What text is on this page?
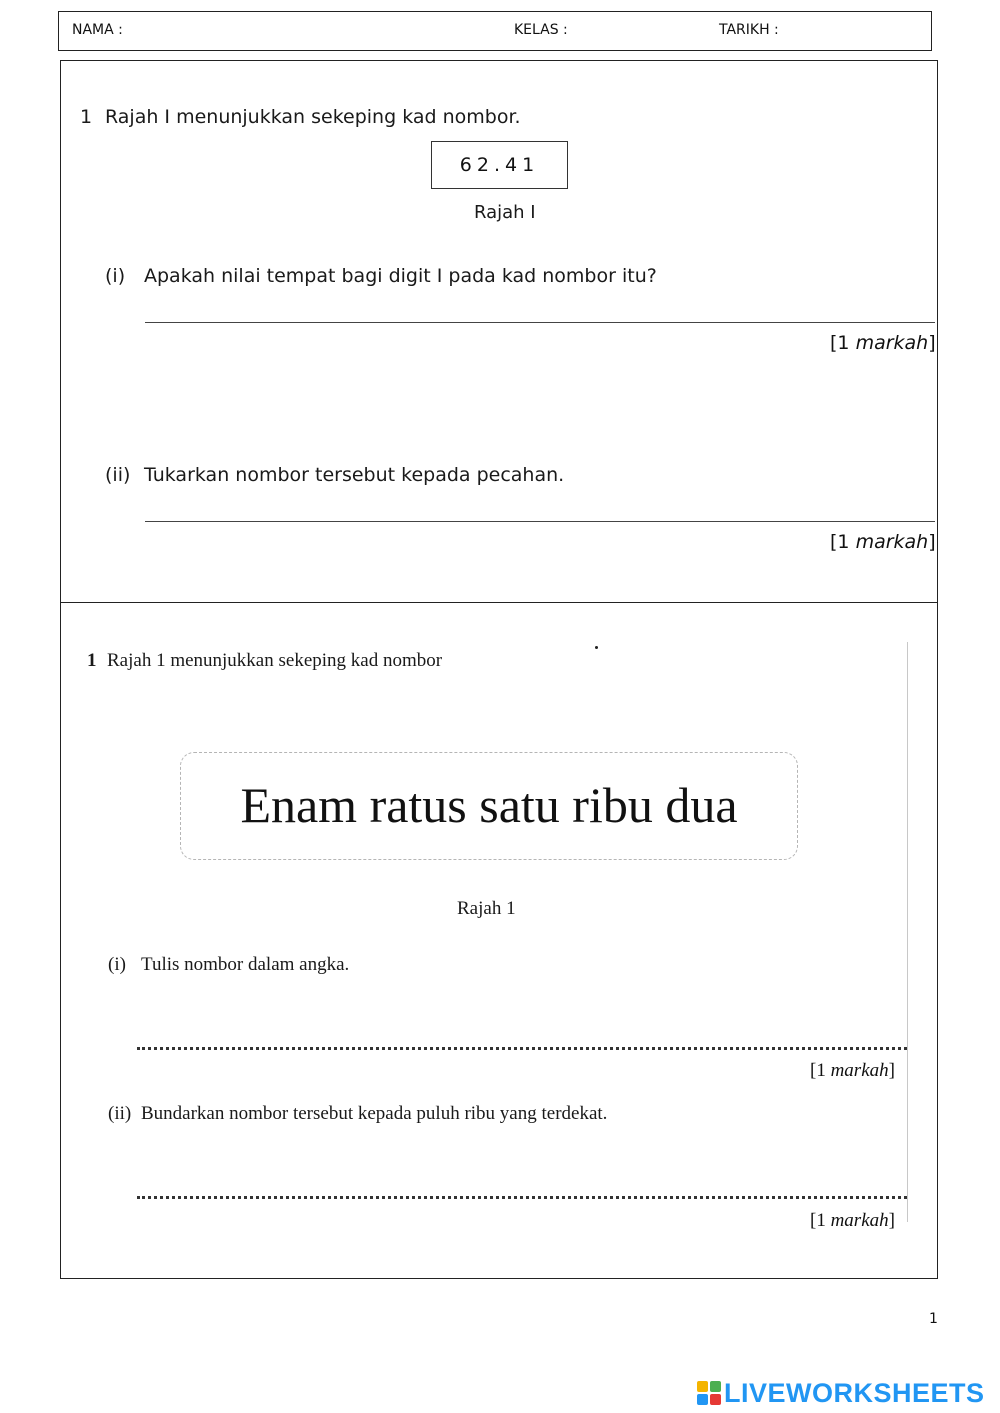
NAMA :	KELAS :	TARIKH :
1 Rajah I menunjukkan sekeping kad nombor.
62.41
Rajah I
(i) Apakah nilai tempat bagi digit I pada kad nombor itu?
[1 markah]
(ii) Tukarkan nombor tersebut kepada pecahan.
[1 markah]
1 Rajah 1 menunjukkan sekeping kad nombor
Enam ratus satu ribu dua
Rajah 1
(i) Tulis nombor dalam angka.
[1 markah]
(ii) Bundarkan nombor tersebut kepada puluh ribu yang terdekat.
[1 markah]
1
LIVEWORKSHEETS
